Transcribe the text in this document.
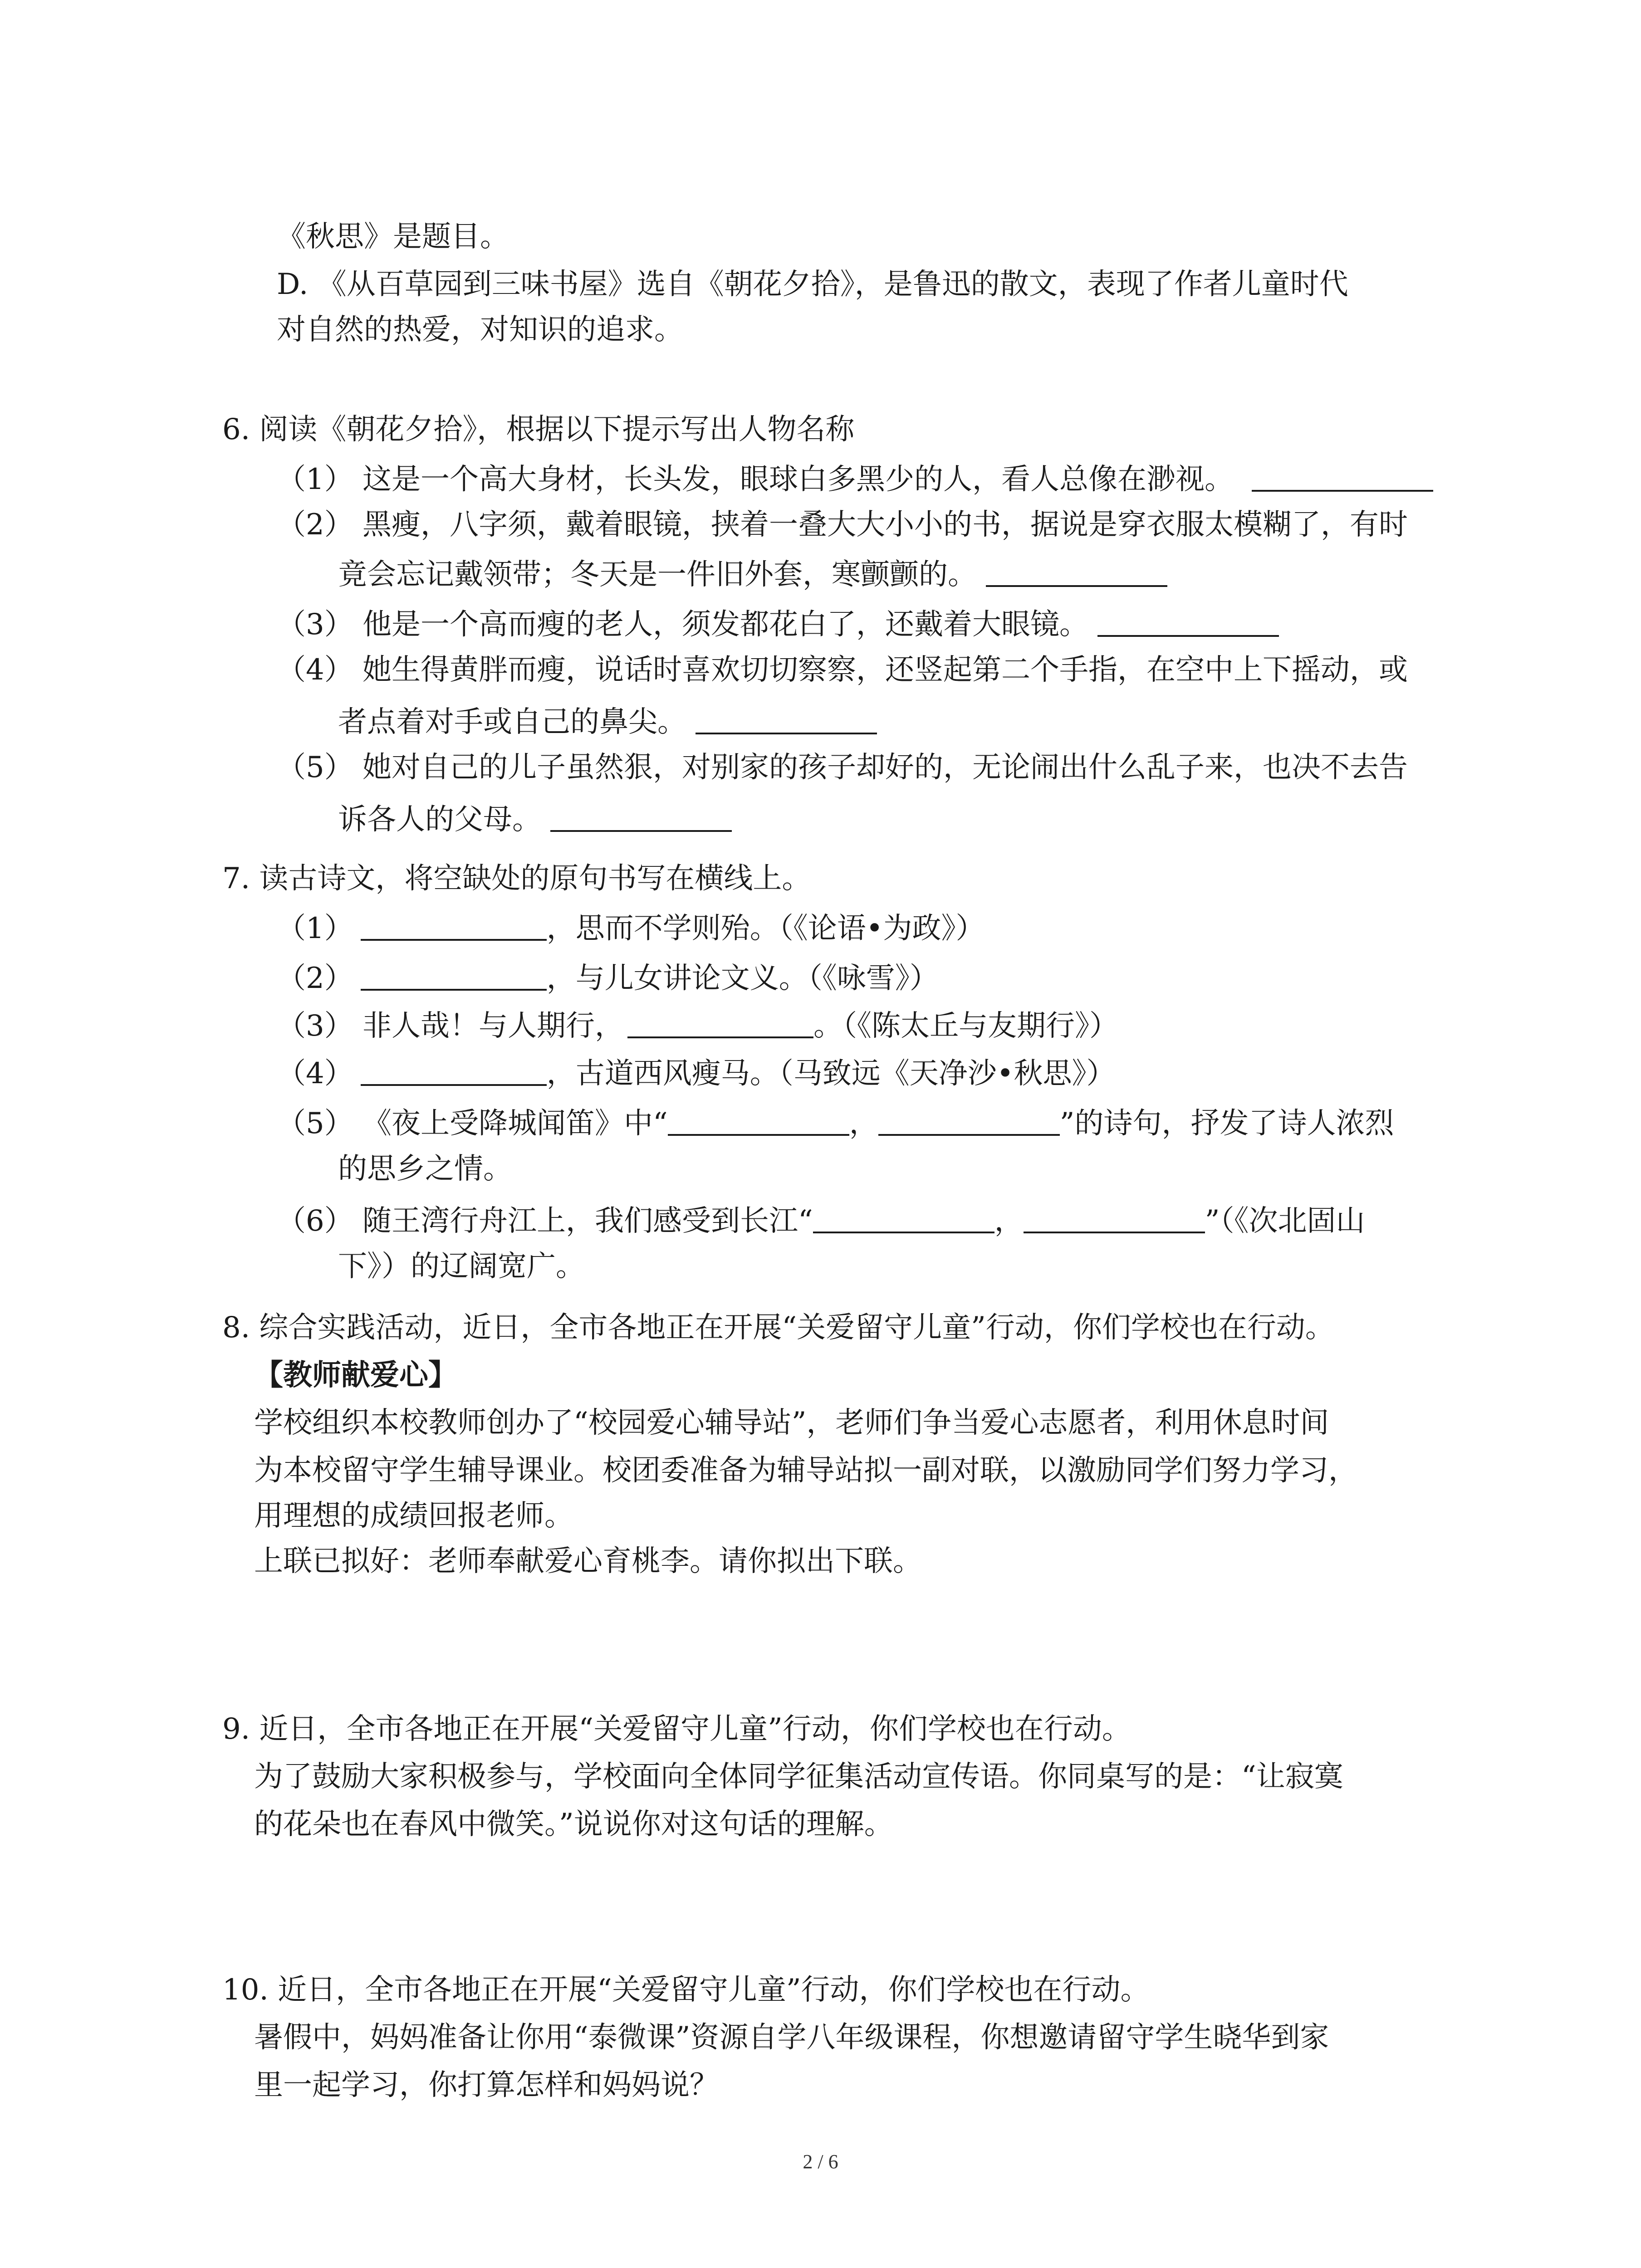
《秋思》是题目。
D. 《从百草园到三味书屋》选自《朝花夕拾》，是鲁迅的散文，表现了作者儿童时代
对自然的热爱，对知识的追求。
6. 阅读《朝花夕拾》，根据以下提示写出人物名称
（1） 这是一个高大身材，长头发，眼球白多黑少的人，看人总像在渺视。
（2） 黑瘦，八字须，戴着眼镜，挟着一叠大大小小的书，据说是穿衣服太模糊了，有时
竟会忘记戴领带；冬天是一件旧外套，寒颤颤的。
（3） 他是一个高而瘦的老人，须发都花白了，还戴着大眼镜。
（4） 她生得黄胖而瘦，说话时喜欢切切察察，还竖起第二个手指，在空中上下摇动，或
者点着对手或自己的鼻尖。
（5） 她对自己的儿子虽然狠，对别家的孩子却好的，无论闹出什么乱子来，也决不去告
诉各人的父母。
7. 读古诗文，将空缺处的原句书写在横线上。
（1）	，思而不学则殆。（《论语•为政》）
（2）	，与儿女讲论文义。（《咏雪》）
（3） 非人哉！与人期行，	。（《陈太丘与友期行》）
（4）	，古道西风瘦马。（马致远《天净沙•秋思》）
（5） 《夜上受降城闻笛》中“	，	”的诗句，抒发了诗人浓烈
的思乡之情。
（6） 随王湾行舟江上，我们感受到长江“	，	”（《次北固山
下》）的辽阔宽广。
8. 综合实践活动，近日，全市各地正在开展“关爱留守儿童”行动，你们学校也在行动。
【教师献爱心】
学校组织本校教师创办了“校园爱心辅导站”，老师们争当爱心志愿者，利用休息时间
为本校留守学生辅导课业。校团委准备为辅导站拟一副对联，以激励同学们努力学习，
用理想的成绩回报老师。
上联已拟好：老师奉献爱心育桃李。请你拟出下联。
9. 近日，全市各地正在开展“关爱留守儿童”行动，你们学校也在行动。
为了鼓励大家积极参与，学校面向全体同学征集活动宣传语。你同桌写的是：“让寂寞
的花朵也在春风中微笑。”说说你对这句话的理解。
10. 近日，全市各地正在开展“关爱留守儿童”行动，你们学校也在行动。
暑假中，妈妈准备让你用“泰微课”资源自学八年级课程，你想邀请留守学生晓华到家
里一起学习，你打算怎样和妈妈说？
2 / 6
